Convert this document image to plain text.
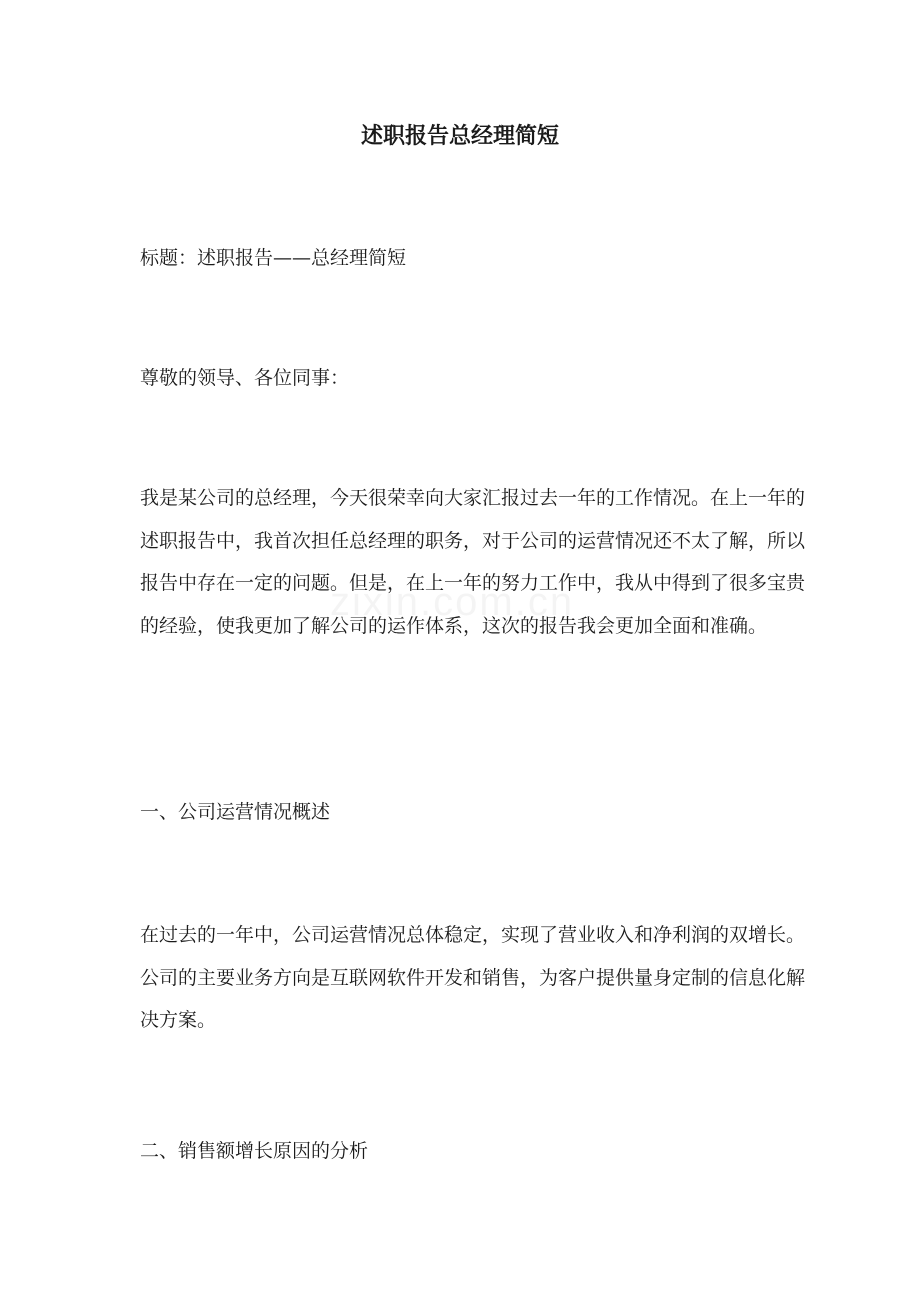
述职报告总经理简短

标题：述职报告——总经理简短

尊敬的领导、各位同事：

我是某公司的总经理，今天很荣幸向大家汇报过去一年的工作情况。在上一年的述职报告中，我首次担任总经理的职务，对于公司的运营情况还不太了解，所以报告中存在一定的问题。但是，在上一年的努力工作中，我从中得到了很多宝贵的经验，使我更加了解公司的运作体系，这次的报告我会更加全面和准确。

一、公司运营情况概述

在过去的一年中，公司运营情况总体稳定，实现了营业收入和净利润的双增长。公司的主要业务方向是互联网软件开发和销售，为客户提供量身定制的信息化解决方案。

二、销售额增长原因的分析
